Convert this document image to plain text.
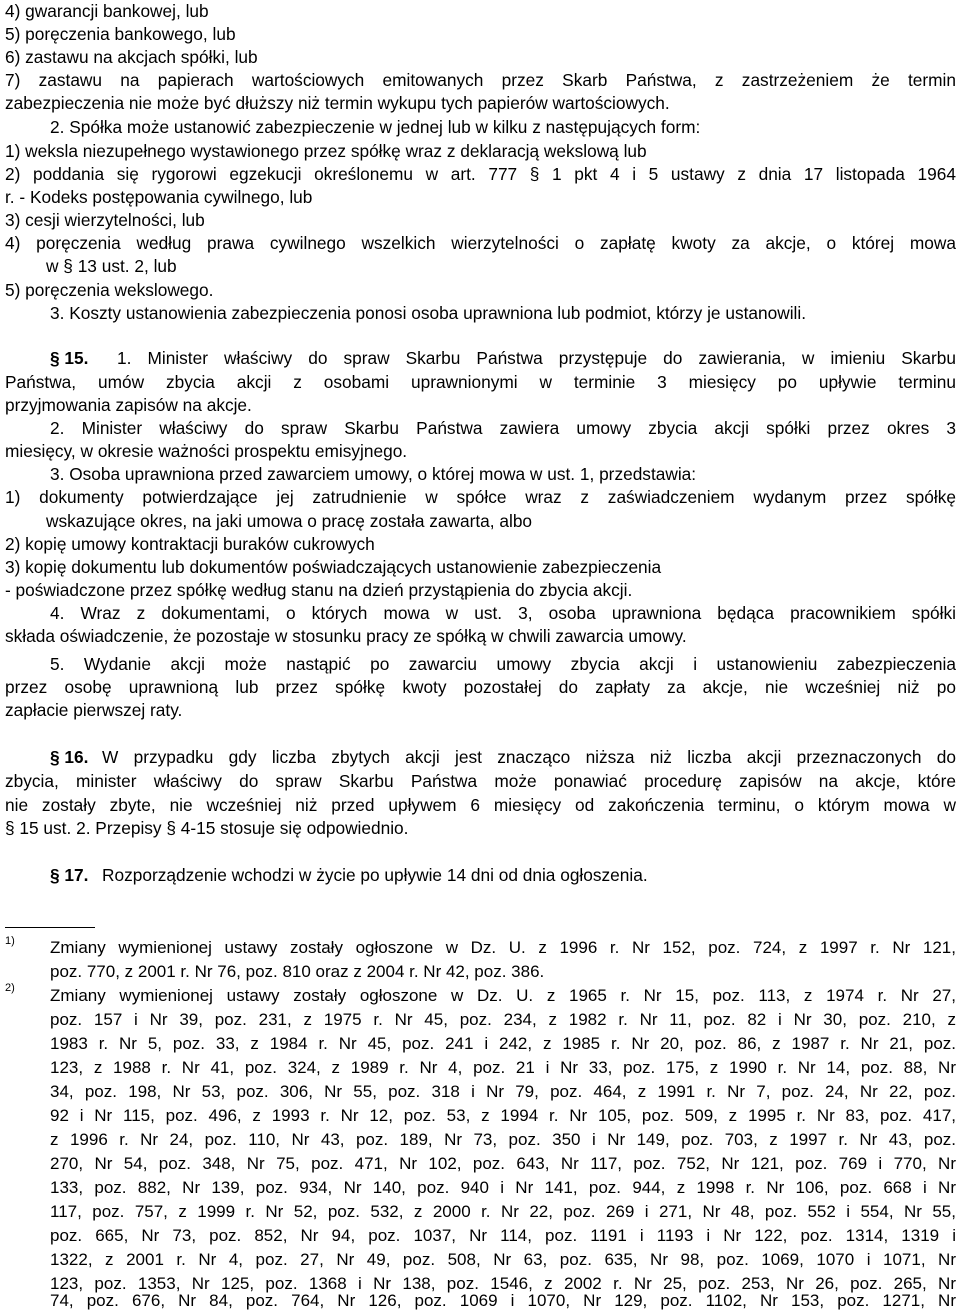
4) gwarancji bankowej, lub
5) poręczenia bankowego, lub
6) zastawu na akcjach spółki, lub
7) zastawu na papierach wartościowych emitowanych przez Skarb Państwa, z zastrzeżeniem że termin
zabezpieczenia nie może być dłuższy niż termin wykupu tych papierów wartościowych.
2. Spółka może ustanowić zabezpieczenie w jednej lub w kilku z następujących form:
1) weksla niezupełnego wystawionego przez spółkę wraz z deklaracją wekslową lub
2) poddania się rygorowi egzekucji określonemu w art. 777 § 1 pkt 4 i 5 ustawy z dnia 17 listopada 1964
r. - Kodeks postępowania cywilnego, lub
3) cesji wierzytelności, lub
4) poręczenia według prawa cywilnego wszelkich wierzytelności o zapłatę kwoty za akcje, o której mowa
w § 13 ust. 2, lub
5) poręczenia wekslowego.
3. Koszty ustanowienia zabezpieczenia ponosi osoba uprawniona lub podmiot, którzy je ustanowili.
§ 15. 1. Minister właściwy do spraw Skarbu Państwa przystępuje do zawierania, w imieniu Skarbu
Państwa, umów zbycia akcji z osobami uprawnionymi w terminie 3 miesięcy po upływie terminu
przyjmowania zapisów na akcje.
2. Minister właściwy do spraw Skarbu Państwa zawiera umowy zbycia akcji spółki przez okres 3
miesięcy, w okresie ważności prospektu emisyjnego.
3. Osoba uprawniona przed zawarciem umowy, o której mowa w ust. 1, przedstawia:
1) dokumenty potwierdzające jej zatrudnienie w spółce wraz z zaświadczeniem wydanym przez spółkę
wskazujące okres, na jaki umowa o pracę została zawarta, albo
2) kopię umowy kontraktacji buraków cukrowych
3) kopię dokumentu lub dokumentów poświadczających ustanowienie zabezpieczenia
- poświadczone przez spółkę według stanu na dzień przystąpienia do zbycia akcji.
4. Wraz z dokumentami, o których mowa w ust. 3, osoba uprawniona będąca pracownikiem spółki
składa oświadczenie, że pozostaje w stosunku pracy ze spółką w chwili zawarcia umowy.
5. Wydanie akcji może nastąpić po zawarciu umowy zbycia akcji i ustanowieniu zabezpieczenia
przez osobę uprawnioną lub przez spółkę kwoty pozostałej do zapłaty za akcje, nie wcześniej niż po
zapłacie pierwszej raty.
§ 16. W przypadku gdy liczba zbytych akcji jest znacząco niższa niż liczba akcji przeznaczonych do
zbycia, minister właściwy do spraw Skarbu Państwa może ponawiać procedurę zapisów na akcje, które
nie zostały zbyte, nie wcześniej niż przed upływem 6 miesięcy od zakończenia terminu, o którym mowa w
§ 15 ust. 2. Przepisy § 4-15 stosuje się odpowiednio.
§ 17. Rozporządzenie wchodzi w życie po upływie 14 dni od dnia ogłoszenia.
1) Zmiany wymienionej ustawy zostały ogłoszone w Dz. U. z 1996 r. Nr 152, poz. 724, z 1997 r. Nr 121,
poz. 770, z 2001 r. Nr 76, poz. 810 oraz z 2004 r. Nr 42, poz. 386.
2) Zmiany wymienionej ustawy zostały ogłoszone w Dz. U. z 1965 r. Nr 15, poz. 113, z 1974 r. Nr 27,
poz. 157 i Nr 39, poz. 231, z 1975 r. Nr 45, poz. 234, z 1982 r. Nr 11, poz. 82 i Nr 30, poz. 210, z
1983 r. Nr 5, poz. 33, z 1984 r. Nr 45, poz. 241 i 242, z 1985 r. Nr 20, poz. 86, z 1987 r. Nr 21, poz.
123, z 1988 r. Nr 41, poz. 324, z 1989 r. Nr 4, poz. 21 i Nr 33, poz. 175, z 1990 r. Nr 14, poz. 88, Nr
34, poz. 198, Nr 53, poz. 306, Nr 55, poz. 318 i Nr 79, poz. 464, z 1991 r. Nr 7, poz. 24, Nr 22, poz.
92 i Nr 115, poz. 496, z 1993 r. Nr 12, poz. 53, z 1994 r. Nr 105, poz. 509, z 1995 r. Nr 83, poz. 417,
z 1996 r. Nr 24, poz. 110, Nr 43, poz. 189, Nr 73, poz. 350 i Nr 149, poz. 703, z 1997 r. Nr 43, poz.
270, Nr 54, poz. 348, Nr 75, poz. 471, Nr 102, poz. 643, Nr 117, poz. 752, Nr 121, poz. 769 i 770, Nr
133, poz. 882, Nr 139, poz. 934, Nr 140, poz. 940 i Nr 141, poz. 944, z 1998 r. Nr 106, poz. 668 i Nr
117, poz. 757, z 1999 r. Nr 52, poz. 532, z 2000 r. Nr 22, poz. 269 i 271, Nr 48, poz. 552 i 554, Nr 55,
poz. 665, Nr 73, poz. 852, Nr 94, poz. 1037, Nr 114, poz. 1191 i 1193 i Nr 122, poz. 1314, 1319 i
1322, z 2001 r. Nr 4, poz. 27, Nr 49, poz. 508, Nr 63, poz. 635, Nr 98, poz. 1069, 1070 i 1071, Nr
123, poz. 1353, Nr 125, poz. 1368 i Nr 138, poz. 1546, z 2002 r. Nr 25, poz. 253, Nr 26, poz. 265, Nr
74, poz. 676, Nr 84, poz. 764, Nr 126, poz. 1069 i 1070, Nr 129, poz. 1102, Nr 153, poz. 1271, Nr
